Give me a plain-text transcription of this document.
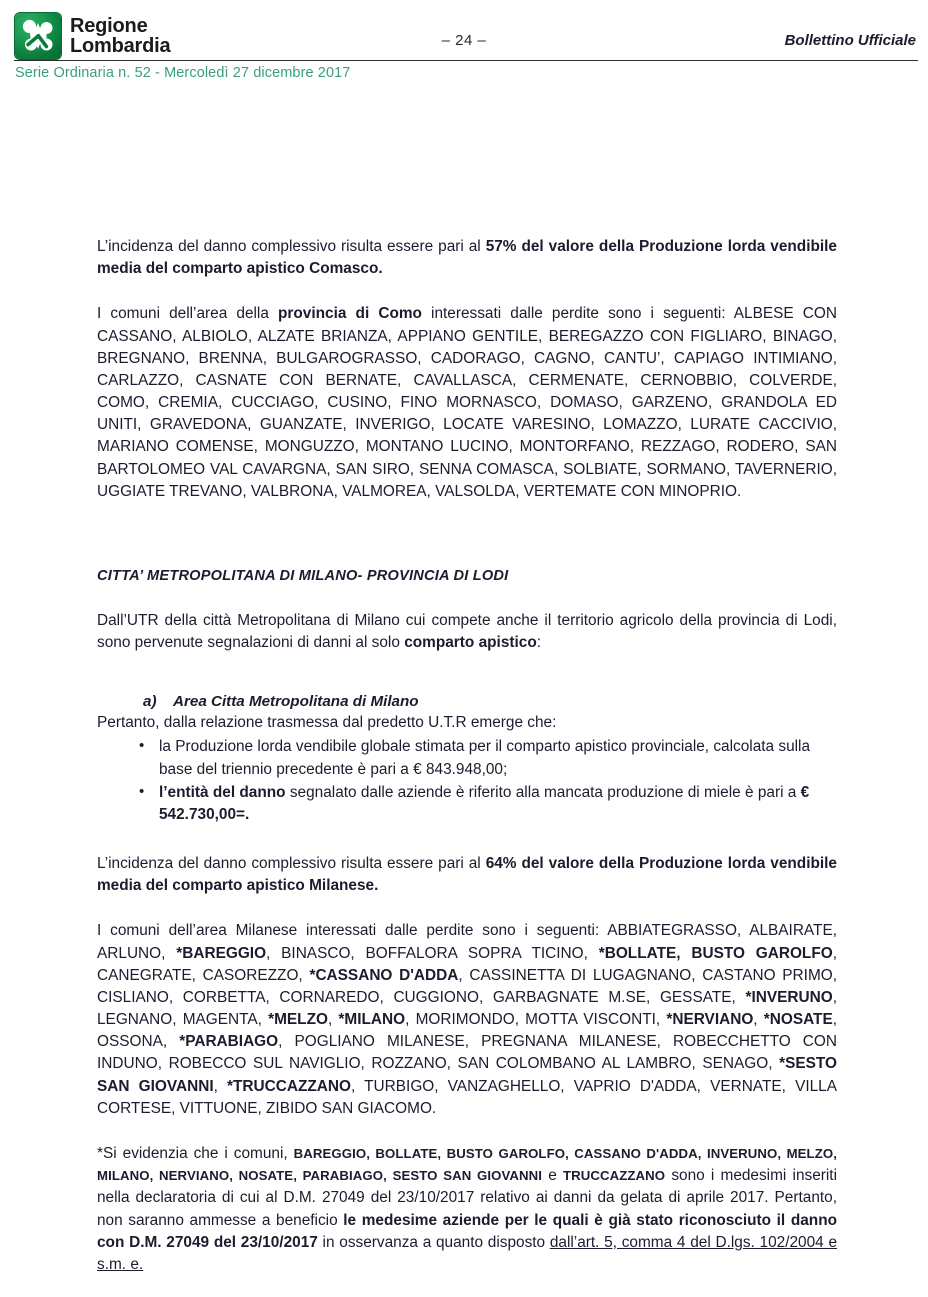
Regione
Lombardia	– 24 –	Bollettino Ufficiale
Serie Ordinaria n. 52 - Mercoledì 27 dicembre 2017

L’incidenza del danno complessivo risulta essere pari al 57% del valore della Produzione lorda vendibile media del comparto apistico Comasco.

I comuni dell’area della provincia di Como interessati dalle perdite sono i seguenti: ALBESE CON CASSANO, ALBIOLO, ALZATE BRIANZA, APPIANO GENTILE, BEREGAZZO CON FIGLIARO, BINAGO, BREGNANO, BRENNA, BULGAROGRASSO, CADORAGO, CAGNO, CANTU’, CAPIAGO INTIMIANO, CARLAZZO, CASNATE CON BERNATE, CAVALLASCA, CERMENATE, CERNOBBIO, COLVERDE, COMO, CREMIA, CUCCIAGO, CUSINO, FINO MORNASCO, DOMASO, GARZENO, GRANDOLA ED UNITI, GRAVEDONA, GUANZATE, INVERIGO, LOCATE VARESINO, LOMAZZO, LURATE CACCIVIO, MARIANO COMENSE, MONGUZZO, MONTANO LUCINO, MONTORFANO, REZZAGO, RODERO, SAN BARTOLOMEO VAL CAVARGNA, SAN SIRO, SENNA COMASCA, SOLBIATE, SORMANO, TAVERNERIO, UGGIATE TREVANO, VALBRONA, VALMOREA, VALSOLDA, VERTEMATE CON MINOPRIO.

CITTA’ METROPOLITANA DI MILANO- PROVINCIA DI LODI

Dall’UTR della città Metropolitana di Milano cui compete anche il territorio agricolo della provincia di Lodi, sono pervenute segnalazioni di danni al solo comparto apistico:

a) Area Citta Metropolitana di Milano

Pertanto, dalla relazione trasmessa dal predetto U.T.R emerge che:

• la Produzione lorda vendibile globale stimata per il comparto apistico provinciale, calcolata sulla base del triennio precedente è pari a € 843.948,00;
• l’entità del danno segnalato dalle aziende è riferito alla mancata produzione di miele è pari a € 542.730,00=.

L’incidenza del danno complessivo risulta essere pari al 64% del valore della Produzione lorda vendibile media del comparto apistico Milanese.

I comuni dell’area Milanese interessati dalle perdite sono i seguenti: ABBIATEGRASSO, ALBAIRATE, ARLUNO, *BAREGGIO, BINASCO, BOFFALORA SOPRA TICINO, *BOLLATE, BUSTO GAROLFO, CANEGRATE, CASOREZZO, *CASSANO D'ADDA, CASSINETTA DI LUGAGNANO, CASTANO PRIMO, CISLIANO, CORBETTA, CORNAREDO, CUGGIONO, GARBAGNATE M.SE, GESSATE, *INVERUNO, LEGNANO, MAGENTA, *MELZO, *MILANO, MORIMONDO, MOTTA VISCONTI, *NERVIANO, *NOSATE, OSSONA, *PARABIAGO, POGLIANO MILANESE, PREGNANA MILANESE, ROBECCHETTO CON INDUNO, ROBECCO SUL NAVIGLIO, ROZZANO, SAN COLOMBANO AL LAMBRO, SENAGO, *SESTO SAN GIOVANNI, *TRUCCAZZANO, TURBIGO, VANZAGHELLO, VAPRIO D'ADDA, VERNATE, VILLA CORTESE, VITTUONE, ZIBIDO SAN GIACOMO.

*Si evidenzia che i comuni, BAREGGIO, BOLLATE, BUSTO GAROLFO, CASSANO D'ADDA, INVERUNO, MELZO, MILANO, NERVIANO, NOSATE, PARABIAGO, SESTO SAN GIOVANNI e TRUCCAZZANO sono i medesimi inseriti nella declaratoria di cui al D.M. 27049 del 23/10/2017 relativo ai danni da gelata di aprile 2017. Pertanto, non saranno ammesse a beneficio le medesime aziende per le quali è già stato riconosciuto il danno con D.M. 27049 del 23/10/2017 in osservanza a quanto disposto dall’art. 5, comma 4 del D.lgs. 102/2004 e s.m. e.
